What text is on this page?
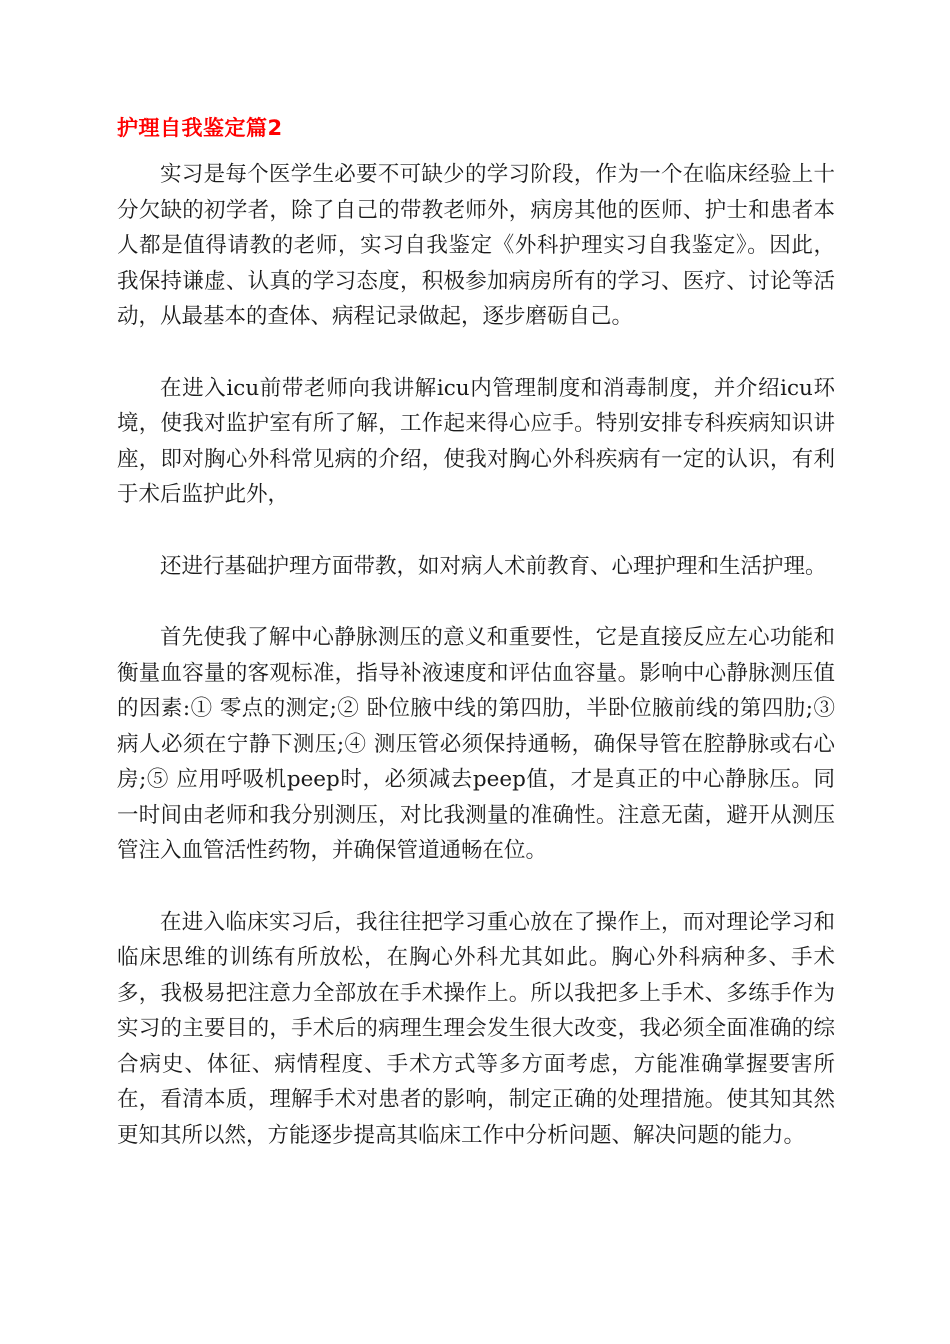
护理自我鉴定篇2

实习是每个医学生必要不可缺少的学习阶段，作为一个在临床经验上十分欠缺的初学者，除了自己的带教老师外，病房其他的医师、护士和患者本人都是值得请教的老师，实习自我鉴定《外科护理实习自我鉴定》。因此，我保持谦虚、认真的学习态度，积极参加病房所有的学习、医疗、讨论等活动，从最基本的查体、病程记录做起，逐步磨砺自己。

在进入icu前带老师向我讲解icu内管理制度和消毒制度，并介绍icu环境，使我对监护室有所了解，工作起来得心应手。特别安排专科疾病知识讲座，即对胸心外科常见病的介绍，使我对胸心外科疾病有一定的认识，有利于术后监护此外，

还进行基础护理方面带教，如对病人术前教育、心理护理和生活护理。

首先使我了解中心静脉测压的意义和重要性，它是直接反应左心功能和衡量血容量的客观标准，指导补液速度和评估血容量。影响中心静脉测压值的因素:① 零点的测定;② 卧位腋中线的第四肋，半卧位腋前线的第四肋;③ 病人必须在宁静下测压;④ 测压管必须保持通畅，确保导管在腔静脉或右心房;⑤ 应用呼吸机peep时，必须减去peep值，才是真正的中心静脉压。同一时间由老师和我分别测压，对比我测量的准确性。注意无菌，避开从测压管注入血管活性药物，并确保管道通畅在位。

在进入临床实习后，我往往把学习重心放在了操作上，而对理论学习和临床思维的训练有所放松，在胸心外科尤其如此。胸心外科病种多、手术多，我极易把注意力全部放在手术操作上。所以我把多上手术、多练手作为实习的主要目的，手术后的病理生理会发生很大改变，我必须全面准确的综合病史、体征、病情程度、手术方式等多方面考虑，方能准确掌握要害所在，看清本质，理解手术对患者的影响，制定正确的处理措施。使其知其然更知其所以然，方能逐步提高其临床工作中分析问题、解决问题的能力。
